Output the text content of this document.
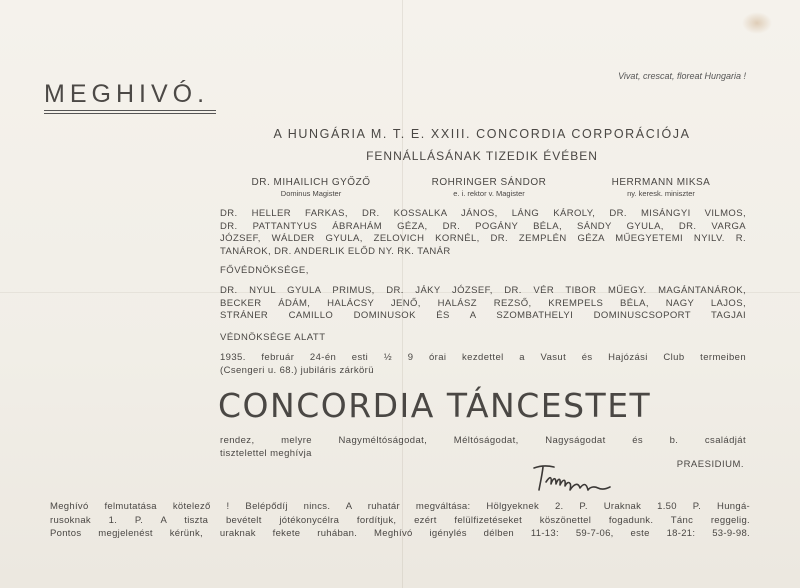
MEGHIVÓ.
Vivat, crescat, floreat Hungaria !
A HUNGÁRIA M. T. E. XXIII. CONCORDIA CORPORÁCIÓJA
FENNÁLLÁSÁNAK TIZEDIK ÉVÉBEN
DR. MIHAILICH GYŐZŐ
Dominus Magister
ROHRINGER SÁNDOR
e. i. rektor v. Magister
HERRMANN MIKSA
ny. keresk. miniszter
DR. HELLER FARKAS, DR. KOSSALKA JÁNOS, LÁNG KÁROLY, DR. MISÁNGYI VILMOS,
DR. PATTANTYUS ÁBRAHÁM GÉZA, DR. POGÁNY BÉLA, SÁNDY GYULA, DR. VARGA
JÓZSEF, WÁLDER GYULA, ZELOVICH KORNÉL, DR. ZEMPLÉN GÉZA MŰEGYETEMI NYILV. R.
TANÁROK, DR. ANDERLIK ELŐD NY. RK. TANÁR
FŐVÉDNÖKSÉGE,
DR. NYUL GYULA PRIMUS, DR. JÁKY JÓZSEF, DR. VÉR TIBOR MŰEGY. MAGÁNTANÁROK,
BECKER ÁDÁM, HALÁCSY JENŐ, HALÁSZ REZSŐ, KREMPELS BÉLA, NAGY LAJOS,
STRÁNER CAMILLO DOMINUSOK ÉS A SZOMBATHELYI DOMINUSCSOPORT TAGJAI
VÉDNÖKSÉGE ALATT
1935. február 24-én esti ½ 9 órai kezdettel a Vasut és Hajózási Club termeiben
(Csengeri u. 68.) jubiláris zárkörü
CONCORDIA TÁNCESTET
rendez, melyre Nagyméltóságodat, Méltóságodat, Nagyságodat és b. családját
tisztelettel meghívja
PRAESIDIUM.
Meghívó felmutatása kötelező ! Belépődíj nincs. A ruhatár megváltása: Hölgyeknek 2. P. Uraknak 1.50 P. Hungá-
rusoknak 1. P. A tiszta bevételt jótékonycélra fordítjuk, ezért felülfizetéseket köszönettel fogadunk. Tánc reggelig.
Pontos megjelenést kérünk, uraknak fekete ruhában. Meghívó igénylés délben 11-13: 59-7-06, este 18-21: 53-9-98.
